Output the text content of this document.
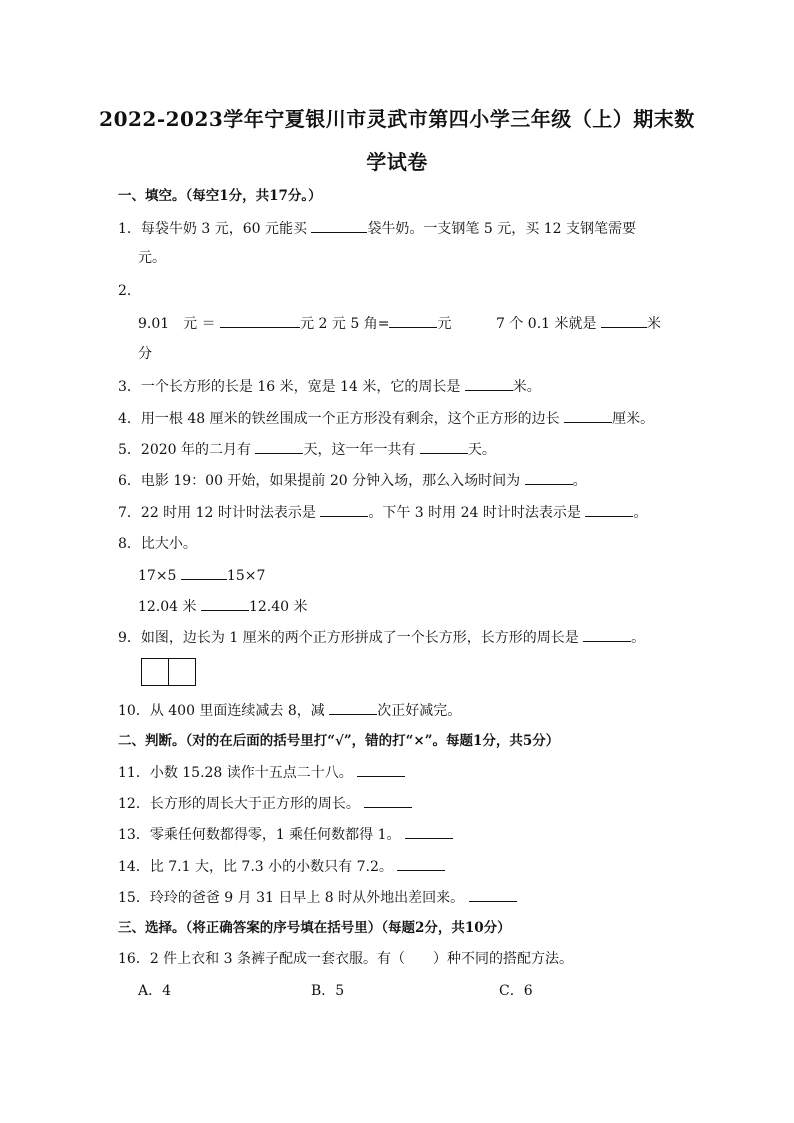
2022-2023学年宁夏银川市灵武市第四小学三年级（上）期末数
学试卷
一、填空。（每空1分，共17分。）
1．每袋牛奶 3 元，60 元能买	袋牛奶。一支钢笔 5 元，买 12 支钢笔需要
元。
2．
9.01　元 ＝	元 2 元 5 角=	元	7 个 0.1 米就是	米
分
3．一个长方形的长是 16 米，宽是 14 米，它的周长是	米。
4．用一根 48 厘米的铁丝围成一个正方形没有剩余，这个正方形的边长	厘米。
5．2020 年的二月有	天，这一年一共有	天。
6．电影 19：00 开始，如果提前 20 分钟入场，那么入场时间为	。
7．22 时用 12 时计时法表示是	。下午 3 时用 24 时计时法表示是	。
8．比大小。
17×5	15×7
12.04 米	12.40 米
9．如图，边长为 1 厘米的两个正方形拼成了一个长方形，长方形的周长是	。
10．从 400 里面连续减去 8，减	次正好减完。
二、判断。（对的在后面的括号里打“√”，错的打“×”。每题1分，共5分）
11．小数 15.28 读作十五点二十八。
12．长方形的周长大于正方形的周长。
13．零乘任何数都得零，1 乘任何数都得 1。
14．比 7.1 大，比 7.3 小的小数只有 7.2。
15．玲玲的爸爸 9 月 31 日早上 8 时从外地出差回来。
三、选择。（将正确答案的序号填在括号里）（每题2分，共10分）
16．2 件上衣和 3 条裤子配成一套衣服。有（　　）种不同的搭配方法。
A．4	B．5	C．6
